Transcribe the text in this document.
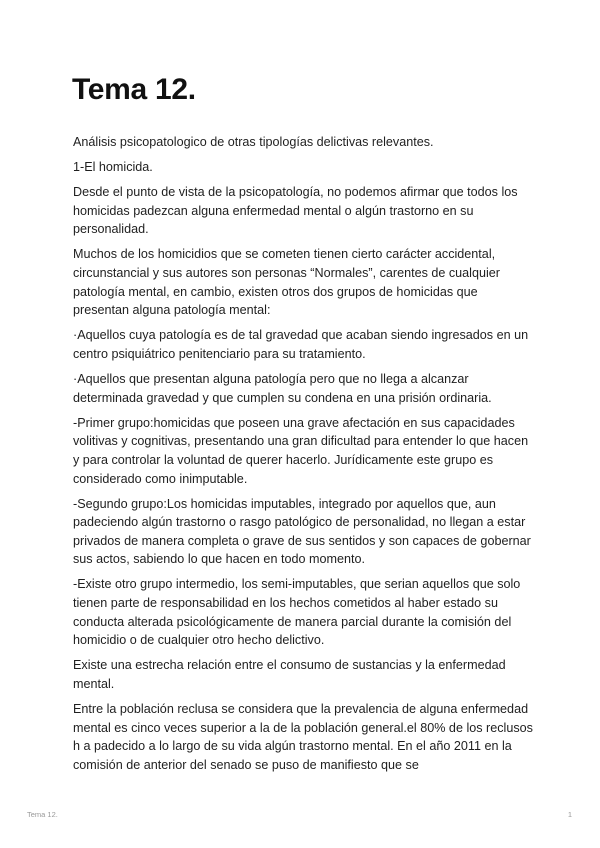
Tema 12.

Análisis psicopatologico de otras tipologías delictivas relevantes.

1-El homicida.

Desde el punto de vista de la psicopatología, no podemos afirmar que todos los homicidas padezcan alguna enfermedad mental o algún trastorno en su personalidad.

Muchos de los homicidios que se cometen tienen cierto carácter accidental, circunstancial y sus autores son personas “Normales”, carentes de cualquier patología mental, en cambio, existen otros dos grupos de homicidas que presentan alguna patología mental:

·Aquellos cuya patología es de tal gravedad que acaban siendo ingresados en un centro psiquiátrico penitenciario para su tratamiento.

·Aquellos que presentan alguna patología pero que no llega a alcanzar determinada gravedad y que cumplen su condena en una prisión ordinaria.

-Primer grupo:homicidas que poseen una grave afectación en sus capacidades volitivas y cognitivas, presentando una gran dificultad para entender lo que hacen y para controlar la voluntad de querer hacerlo. Jurídicamente este grupo es considerado como inimputable.

-Segundo grupo:Los homicidas imputables, integrado por aquellos que, aun padeciendo algún trastorno o rasgo patológico de personalidad, no llegan a estar privados de manera completa o grave de sus sentidos y son capaces de gobernar sus actos, sabiendo lo que hacen en todo momento.

-Existe otro grupo intermedio, los semi-imputables, que serian aquellos que solo tienen parte de responsabilidad en los hechos cometidos al haber estado su conducta alterada psicológicamente de manera parcial durante la comisión del homicidio o de cualquier otro hecho delictivo.

Existe una estrecha relación entre el consumo de sustancias y la enfermedad mental.

Entre la población reclusa se considera que la prevalencia de alguna enfermedad mental es cinco veces superior a la de la población general.el 80% de los reclusos h a padecido a lo largo de su vida algún trastorno mental. En el año 2011 en la comisión de anterior del senado se puso de manifiesto que se

Tema 12.	1
